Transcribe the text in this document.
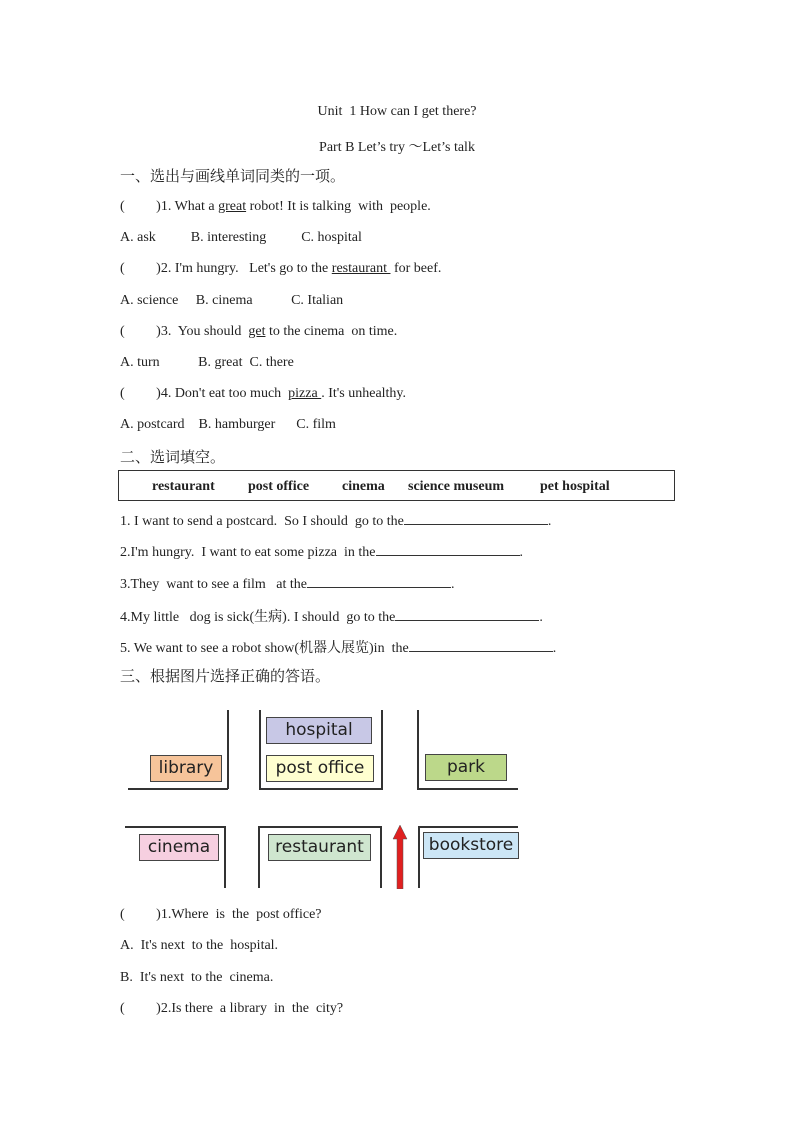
Unit  1 How can I get there?
Part B Let’s try ～Let’s talk
一、选出与画线单词同类的一项。
(         )1. What a great robot! It is talking  with  people.
A. ask          B. interesting          C. hospital
(         )2. I'm hungry.   Let's go to the restaurant  for beef.
A. science     B. cinema           C. Italian
(         )3.  You should  get to the cinema  on time.
A. turn           B. great  C. there
(         )4. Don't eat too much  pizza . It's unhealthy.
A. postcard    B. hamburger      C. film
二、选词填空。
restaurant post office cinema science museum	pet hospital
1. I want to send a postcard.  So I should  go to the	.
2.I'm hungry.  I want to eat some pizza  in the	.
3.They  want to see a film   at the	.
4.My little   dog is sick(生病). I should  go to the	.
5. We want to see a robot show(机器人展览)in  the	.
三、根据图片选择正确的答语。
hospital
library	post office	park
cinema	restaurant	bookstore
(         )1.Where  is  the  post office?
A.  It's next  to the  hospital.
B.  It's next  to the  cinema.
(         )2.Is there  a library  in  the  city?
